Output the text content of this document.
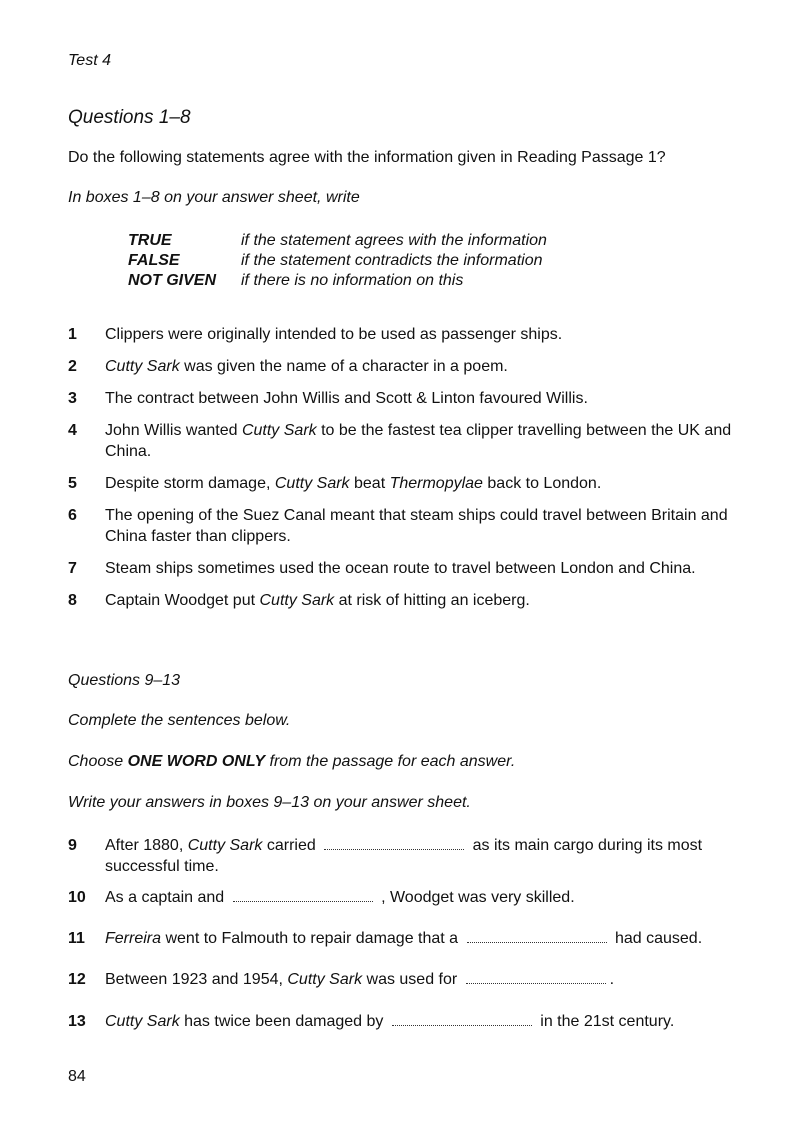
Test 4
Questions 1–8
Do the following statements agree with the information given in Reading Passage 1?
In boxes 1–8 on your answer sheet, write
TRUE	if the statement agrees with the information
FALSE	if the statement contradicts the information
NOT GIVEN	if there is no information on this
1	Clippers were originally intended to be used as passenger ships.
2	Cutty Sark was given the name of a character in a poem.
3	The contract between John Willis and Scott & Linton favoured Willis.
4	John Willis wanted Cutty Sark to be the fastest tea clipper travelling between the UK and China.
5	Despite storm damage, Cutty Sark beat Thermopylae back to London.
6	The opening of the Suez Canal meant that steam ships could travel between Britain and China faster than clippers.
7	Steam ships sometimes used the ocean route to travel between London and China.
8	Captain Woodget put Cutty Sark at risk of hitting an iceberg.
Questions 9–13
Complete the sentences below.
Choose ONE WORD ONLY from the passage for each answer.
Write your answers in boxes 9–13 on your answer sheet.
9	After 1880, Cutty Sark carried	as its main cargo during its most successful time.
10	As a captain and	, Woodget was very skilled.
11	Ferreira went to Falmouth to repair damage that a	had caused.
12	Between 1923 and 1954, Cutty Sark was used for	.
13	Cutty Sark has twice been damaged by	in the 21st century.
84
